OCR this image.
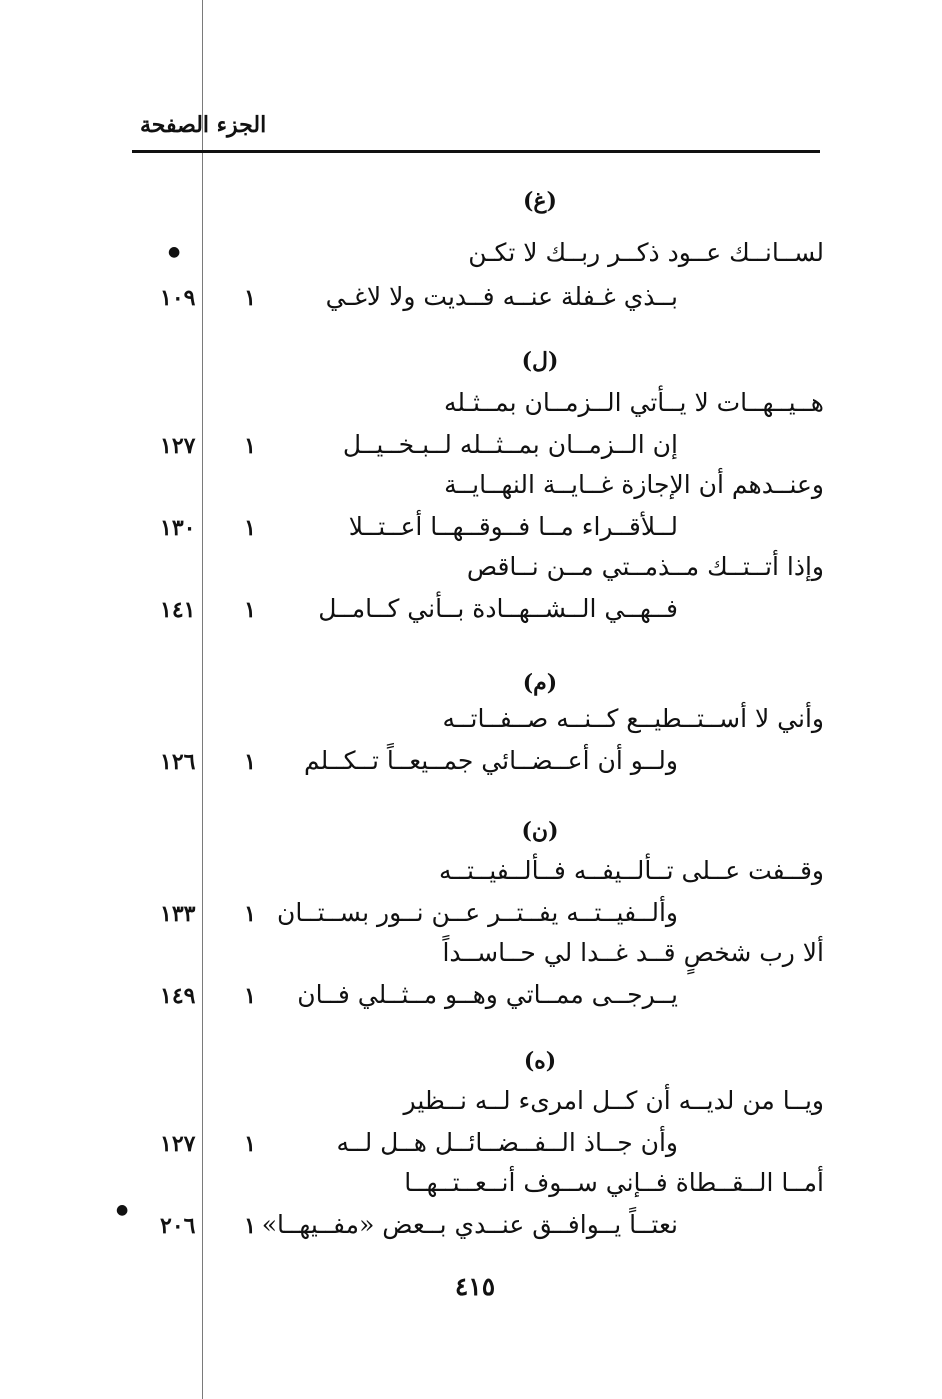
الجزء الصفحة
●
●
(غ)
لســانــك عــود ذكــر ربــك لا تكـن
بــذي غـفلة عنــه فــديت ولا لاغـي
١
١٠٩
(ل)
هــيــهــات لا يــأتي الــزمــان بمــثـله
إن الــزمــان بمــثــله لــبـخــيــل
١
١٢٧
وعنــدهم أن الإجازة غــايــة النهــايــة
لــلأقــراء مــا فــوقــهــا أعــتــلا
١
١٣٠
وإذا أتــتــك مــذمــتي مــن نــاقص
فــهــي الــشــهــادة بــأني كــامــل
١
١٤١
(م)
وأني لا أســتــطيــع كــنــه صــفــاتــه
ولــو أن أعــضــائي جمــيعــاً تــكــلم
١
١٢٦
(ن)
وقــفت عــلى تــألــيفــه فــألــفيــتــه
وألــفيــتــه يفــتــر عــن نــور بســتــان
١
١٣٣
ألا رب شخصٍ قــد غــدا لي حــاســداً
يــرجــى ممــاتي وهــو مــثــلي فــان
١
١٤٩
(ه)
ويــا من لديــه أن كــل امرىء لــه نــظير
وأن جــاذ الــفــضــائــل هــل لــه
١
١٢٧
أمــا الــقــطاة فــإني ســوف أنــعــتــهــا
نعتــاً يــوافــق عنــدي بــعض «مفــيهــا»
١
٢٠٦
٤١٥
